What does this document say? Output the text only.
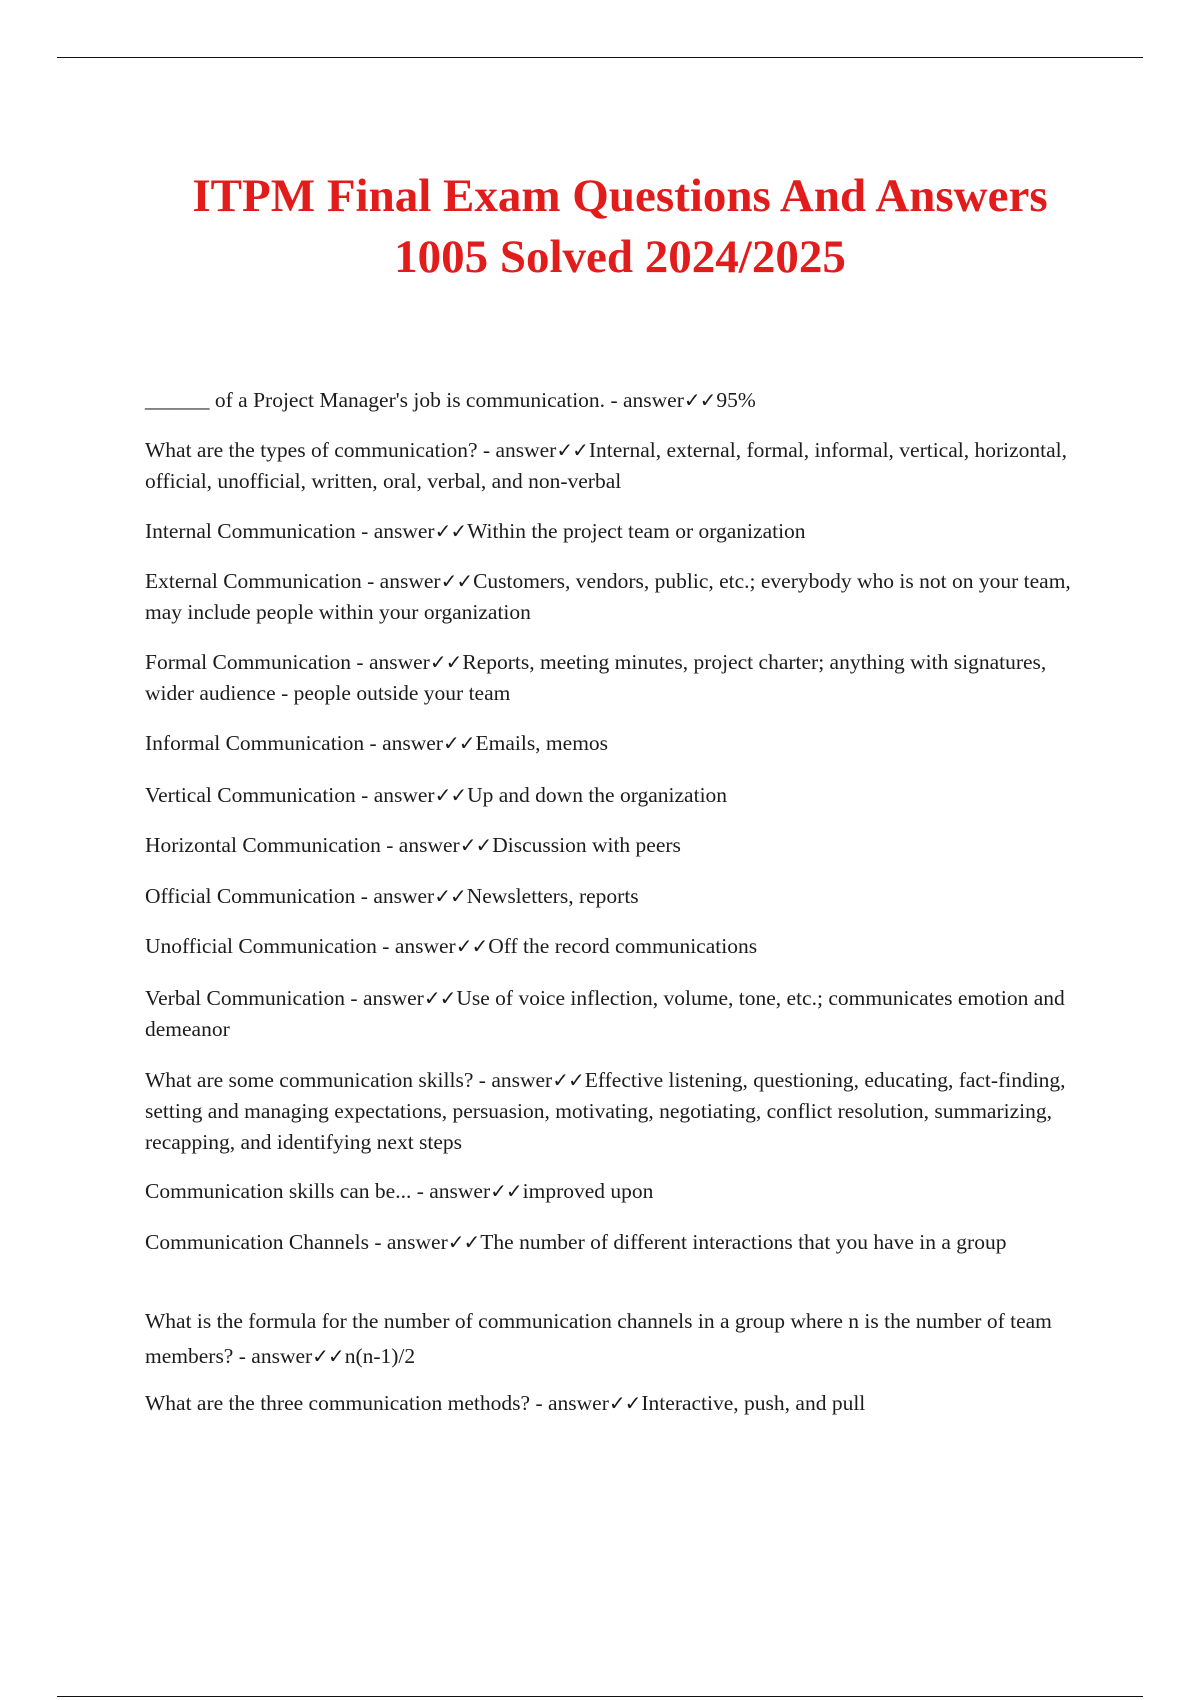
ITPM Final Exam Questions And Answers
1005 Solved 2024/2025
______ of a Project Manager's job is communication. - answer✓✓95%
What are the types of communication? - answer✓✓Internal, external, formal, informal, vertical, horizontal, official, unofficial, written, oral, verbal, and non-verbal
Internal Communication - answer✓✓Within the project team or organization
External Communication - answer✓✓Customers, vendors, public, etc.; everybody who is not on your team, may include people within your organization
Formal Communication - answer✓✓Reports, meeting minutes, project charter; anything with signatures, wider audience - people outside your team
Informal Communication - answer✓✓Emails, memos
Vertical Communication - answer✓✓Up and down the organization
Horizontal Communication - answer✓✓Discussion with peers
Official Communication - answer✓✓Newsletters, reports
Unofficial Communication - answer✓✓Off the record communications
Verbal Communication - answer✓✓Use of voice inflection, volume, tone, etc.; communicates emotion and demeanor
What are some communication skills? - answer✓✓Effective listening, questioning, educating, fact-finding, setting and managing expectations, persuasion, motivating, negotiating, conflict resolution, summarizing, recapping, and identifying next steps
Communication skills can be... - answer✓✓improved upon
Communication Channels - answer✓✓The number of different interactions that you have in a group
What is the formula for the number of communication channels in a group where n is the number of team members? - answer✓✓n(n-1)/2
What are the three communication methods? - answer✓✓Interactive, push, and pull
